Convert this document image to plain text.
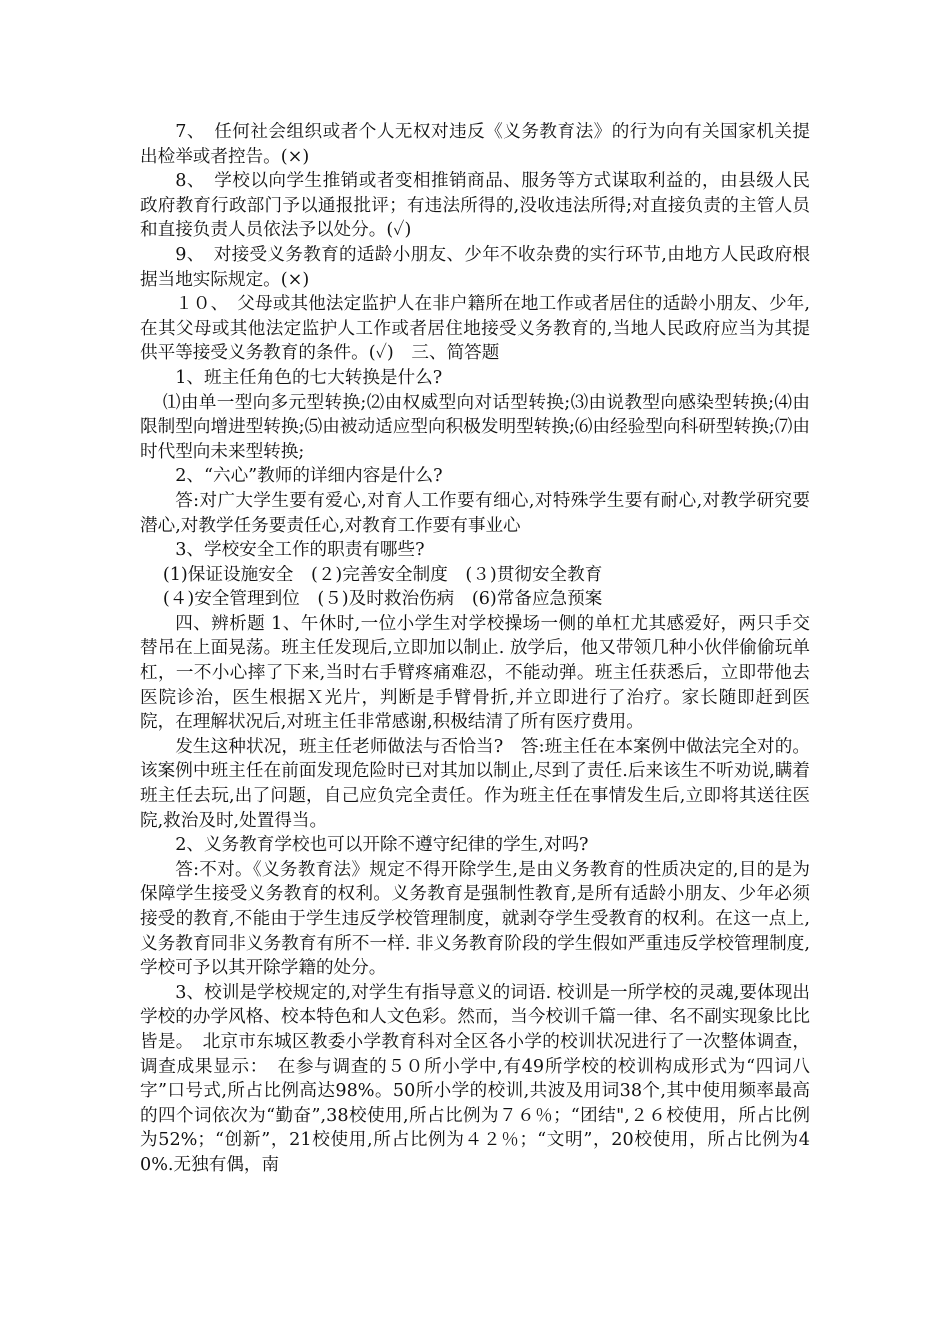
7、　任何社会组织或者个人无权对违反《义务教育法》的行为向有关国家机关提出检举或者控告。(×)

8、　学校以向学生推销或者变相推销商品、服务等方式谋取利益的，由县级人民政府教育行政部门予以通报批评；有违法所得的,没收违法所得;对直接负责的主管人员和直接负责人员依法予以处分。(✓)

9、　对接受义务教育的适龄小朋友、少年不收杂费的实行环节,由地方人民政府根据当地实际规定。(×)

１０、　父母或其他法定监护人在非户籍所在地工作或者居住的适龄小朋友、少年,在其父母或其他法定监护人工作或者居住地接受义务教育的,当地人民政府应当为其提供平等接受义务教育的条件。(✓)　三、简答题

1、班主任角色的七大转换是什么?

⑴由单一型向多元型转换;⑵由权威型向对话型转换;⑶由说教型向感染型转换;⑷由限制型向增进型转换;⑸由被动适应型向积极发明型转换;⑹由经验型向科研型转换;⑺由时代型向未来型转换;

2、“六心”教师的详细内容是什么?

答:对广大学生要有爱心,对育人工作要有细心,对特殊学生要有耐心,对教学研究要潜心,对教学任务要责任心,对教育工作要有事业心

3、学校安全工作的职责有哪些?

(1)保证设施安全　(２)完善安全制度　(３)贯彻安全教育

(４)安全管理到位　(５)及时救治伤病　(6)常备应急预案

四、辨析题 1、午休时,一位小学生对学校操场一侧的单杠尤其感爱好，两只手交替吊在上面晃荡。班主任发现后,立即加以制止. 放学后，他又带领几种小伙伴偷偷玩单杠，一不小心摔了下来,当时右手臂疼痛难忍，不能动弹。班主任获悉后，立即带他去医院诊治，医生根据Ｘ光片，判断是手臂骨折,并立即进行了治疗。家长随即赶到医院，在理解状况后,对班主任非常感谢,积极结清了所有医疗费用。

发生这种状况，班主任老师做法与否恰当?　答:班主任在本案例中做法完全对的。该案例中班主任在前面发现危险时已对其加以制止,尽到了责任.后来该生不听劝说,瞒着班主任去玩,出了问题，自己应负完全责任。作为班主任在事情发生后,立即将其送往医院,救治及时,处置得当。

2、义务教育学校也可以开除不遵守纪律的学生,对吗?

答:不对。《义务教育法》规定不得开除学生,是由义务教育的性质决定的,目的是为保障学生接受义务教育的权利。义务教育是强制性教育,是所有适龄小朋友、少年必须接受的教育,不能由于学生违反学校管理制度，就剥夺学生受教育的权利。在这一点上,义务教育同非义务教育有所不一样. 非义务教育阶段的学生假如严重违反学校管理制度,学校可予以其开除学籍的处分。

3、校训是学校规定的,对学生有指导意义的词语. 校训是一所学校的灵魂,要体现出学校的办学风格、校本特色和人文色彩。然而，当今校训千篇一律、名不副实现象比比皆是。　北京市东城区教委小学教育科对全区各小学的校训状况进行了一次整体调查，调查成果显示：　在参与调查的５０所小学中,有49所学校的校训构成形式为“四词八字”口号式,所占比例高达98%。50所小学的校训,共波及用词38个,其中使用频率最高的四个词依次为“勤奋”,38校使用,所占比例为７６％；“团结",２６校使用，所占比例为52%；“创新”，21校使用,所占比例为４２％；“文明”，20校使用，所占比例为40%.无独有偶，南
